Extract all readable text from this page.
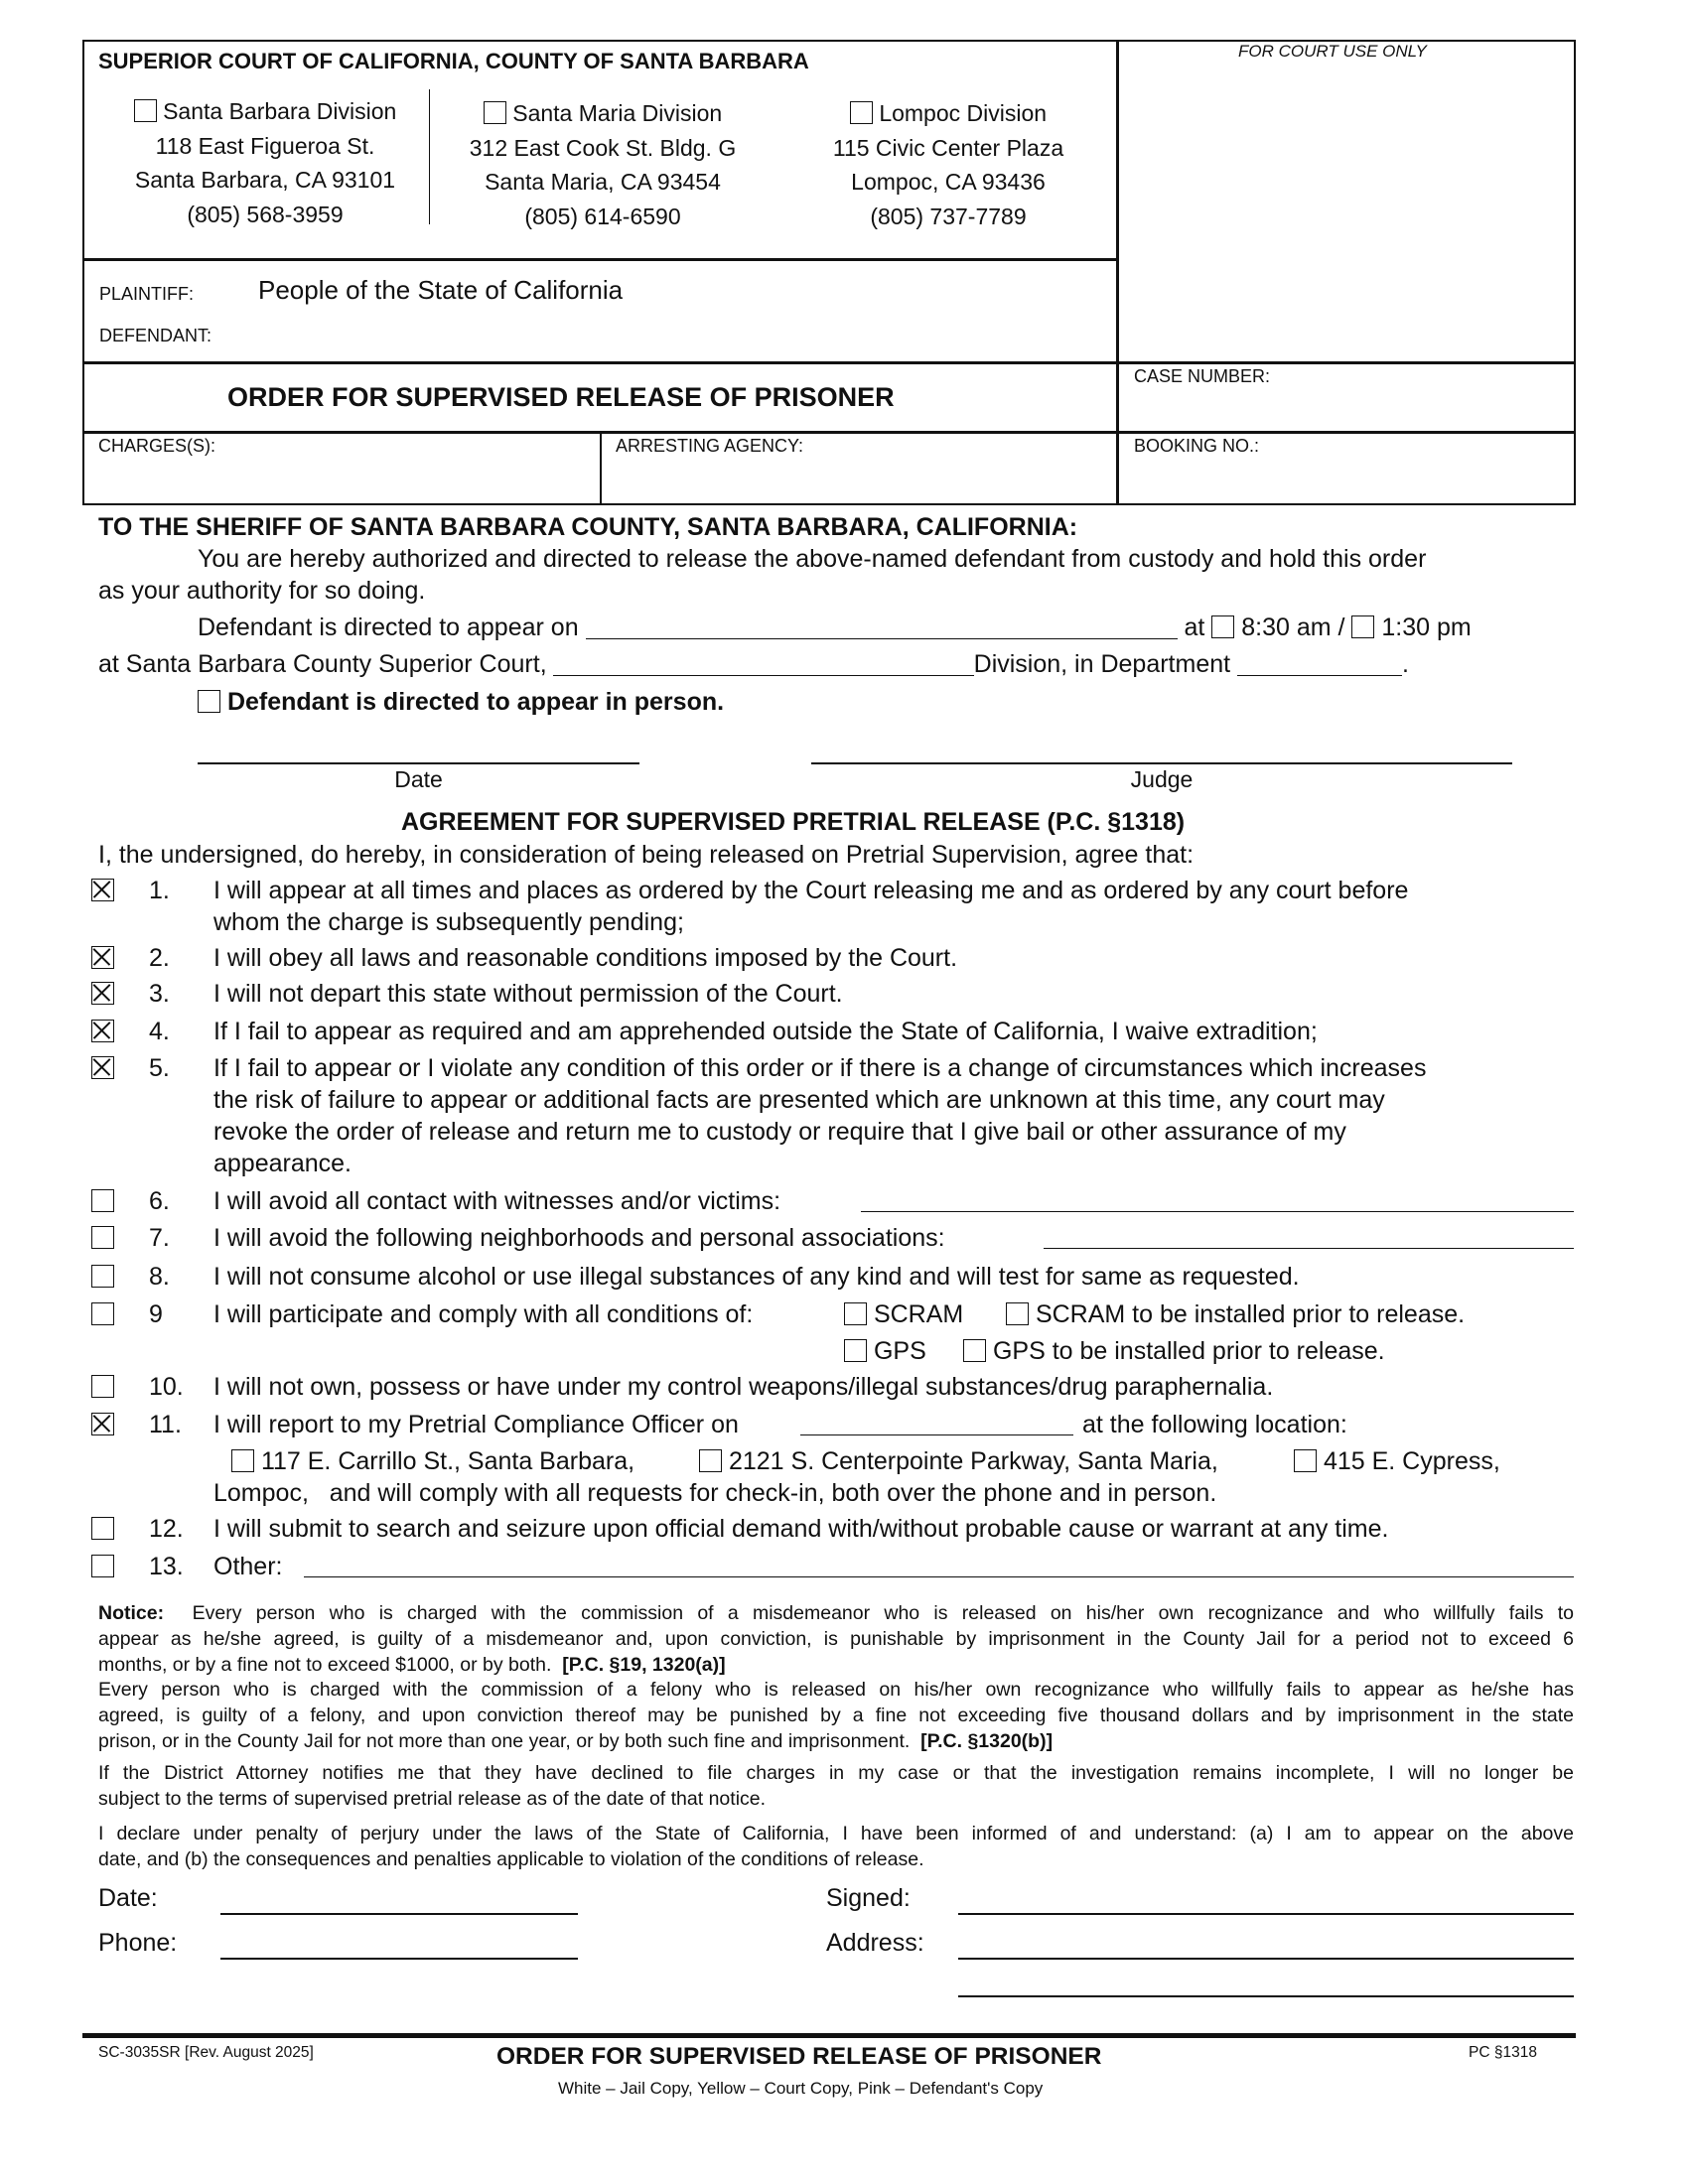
SUPERIOR COURT OF CALIFORNIA, COUNTY OF SANTA BARBARA	FOR COURT USE ONLY
Santa Barbara Division
118 East Figueroa St.
Santa Barbara, CA 93101
(805) 568-3959
Santa Maria Division
312 East Cook St. Bldg. G
Santa Maria, CA 93454
(805) 614-6590
Lompoc Division
115 Civic Center Plaza
Lompoc, CA 93436
(805) 737-7789
PLAINTIFF: People of the State of California
DEFENDANT:
ORDER FOR SUPERVISED RELEASE OF PRISONER
CASE NUMBER:
CHARGES(S):	ARRESTING AGENCY:	BOOKING NO.:
TO THE SHERIFF OF SANTA BARBARA COUNTY, SANTA BARBARA, CALIFORNIA:
You are hereby authorized and directed to release the above-named defendant from custody and hold this order
as your authority for so doing.
Defendant is directed to appear on	at 8:30 am / 1:30 pm
at Santa Barbara County Superior Court,	Division, in Department	.
Defendant is directed to appear in person.
Date	Judge
AGREEMENT FOR SUPERVISED PRETRIAL RELEASE (P.C. §1318)
I, the undersigned, do hereby, in consideration of being released on Pretrial Supervision, agree that:
1. I will appear at all times and places as ordered by the Court releasing me and as ordered by any court before
whom the charge is subsequently pending;
2. I will obey all laws and reasonable conditions imposed by the Court.
3. I will not depart this state without permission of the Court.
4. If I fail to appear as required and am apprehended outside the State of California, I waive extradition;
5. If I fail to appear or I violate any condition of this order or if there is a change of circumstances which increases
the risk of failure to appear or additional facts are presented which are unknown at this time, any court may
revoke the order of release and return me to custody or require that I give bail or other assurance of my
appearance.
6. I will avoid all contact with witnesses and/or victims:
7. I will avoid the following neighborhoods and personal associations:
8. I will not consume alcohol or use illegal substances of any kind and will test for same as requested.
9 I will participate and comply with all conditions of:	SCRAM	SCRAM to be installed prior to release.
GPS	GPS to be installed prior to release.
10. I will not own, possess or have under my control weapons/illegal substances/drug paraphernalia.
11. I will report to my Pretrial Compliance Officer on	at the following location:
117 E. Carrillo St., Santa Barbara,	2121 S. Centerpointe Parkway, Santa Maria,	415 E. Cypress,
Lompoc,   and will comply with all requests for check-in, both over the phone and in person.
12. I will submit to search and seizure upon official demand with/without probable cause or warrant at any time.
13. Other:
Notice: Every person who is charged with the commission of a misdemeanor who is released on his/her own recognizance and who willfully fails to
appear as he/she agreed, is guilty of a misdemeanor and, upon conviction, is punishable by imprisonment in the County Jail for a period not to exceed 6
months, or by a fine not to exceed $1000, or by both. [P.C. §19, 1320(a)]
Every person who is charged with the commission of a felony who is released on his/her own recognizance who willfully fails to appear as he/she has
agreed, is guilty of a felony, and upon conviction thereof may be punished by a fine not exceeding five thousand dollars and by imprisonment in the state
prison, or in the County Jail for not more than one year, or by both such fine and imprisonment. [P.C. §1320(b)]
If the District Attorney notifies me that they have declined to file charges in my case or that the investigation remains incomplete, I will no longer be
subject to the terms of supervised pretrial release as of the date of that notice.
I declare under penalty of perjury under the laws of the State of California, I have been informed of and understand: (a) I am to appear on the above
date, and (b) the consequences and penalties applicable to violation of the conditions of release.
Date:
Phone:
Signed:
Address:
SC-3035SR [Rev. August 2025]	ORDER FOR SUPERVISED RELEASE OF PRISONER	PC §1318
White – Jail Copy, Yellow – Court Copy, Pink – Defendant's Copy
